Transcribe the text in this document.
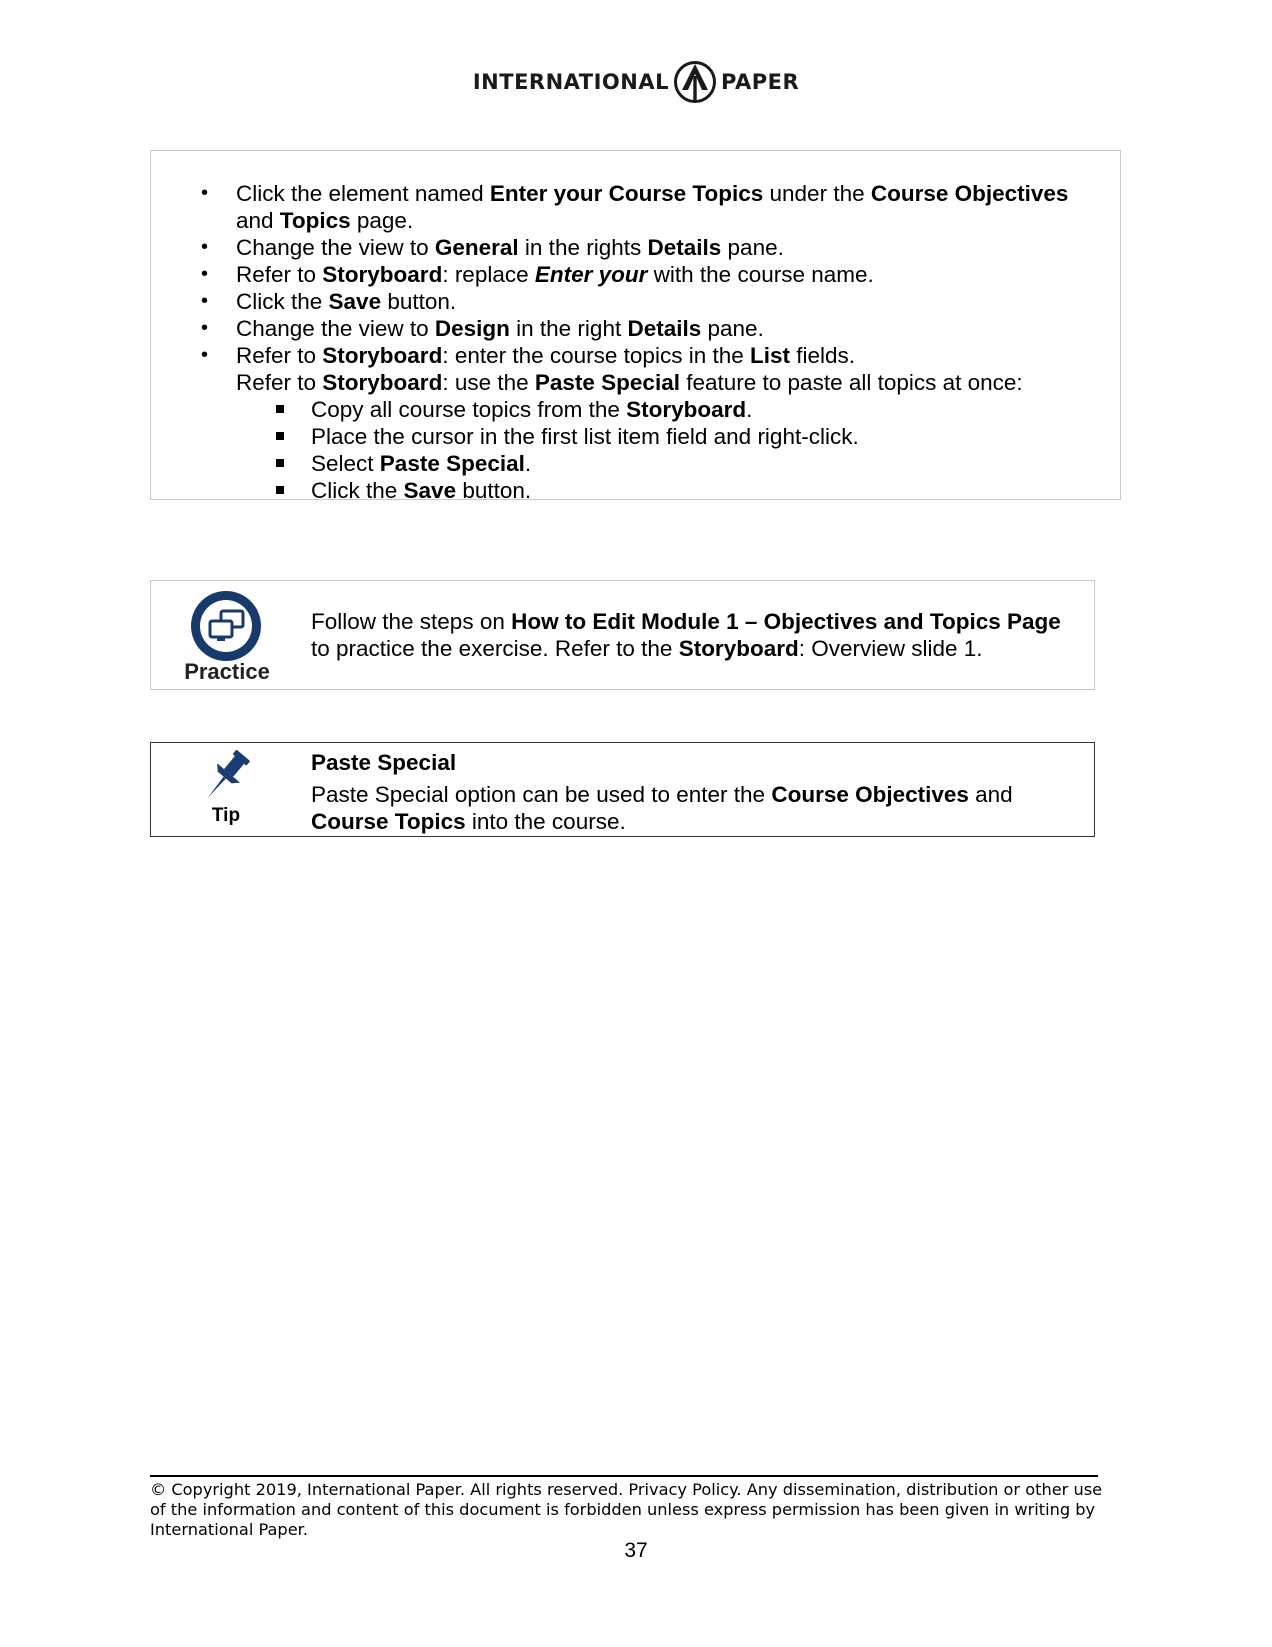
INTERNATIONAL PAPER
• Click the element named Enter your Course Topics under the Course Objectives and Topics page.
• Change the view to General in the rights Details pane.
• Refer to Storyboard: replace Enter your with the course name.
• Click the Save button.
• Change the view to Design in the right Details pane.
• Refer to Storyboard: enter the course topics in the List fields.
Refer to Storyboard: use the Paste Special feature to paste all topics at once:
Copy all course topics from the Storyboard.
Place the cursor in the first list item field and right-click.
Select Paste Special.
Click the Save button.
Practice
Follow the steps on How to Edit Module 1 – Objectives and Topics Page to practice the exercise. Refer to the Storyboard: Overview slide 1.
Tip
Paste Special
Paste Special option can be used to enter the Course Objectives and Course Topics into the course.
© Copyright 2019, International Paper. All rights reserved. Privacy Policy. Any dissemination, distribution or other use of the information and content of this document is forbidden unless express permission has been given in writing by International Paper.
37
